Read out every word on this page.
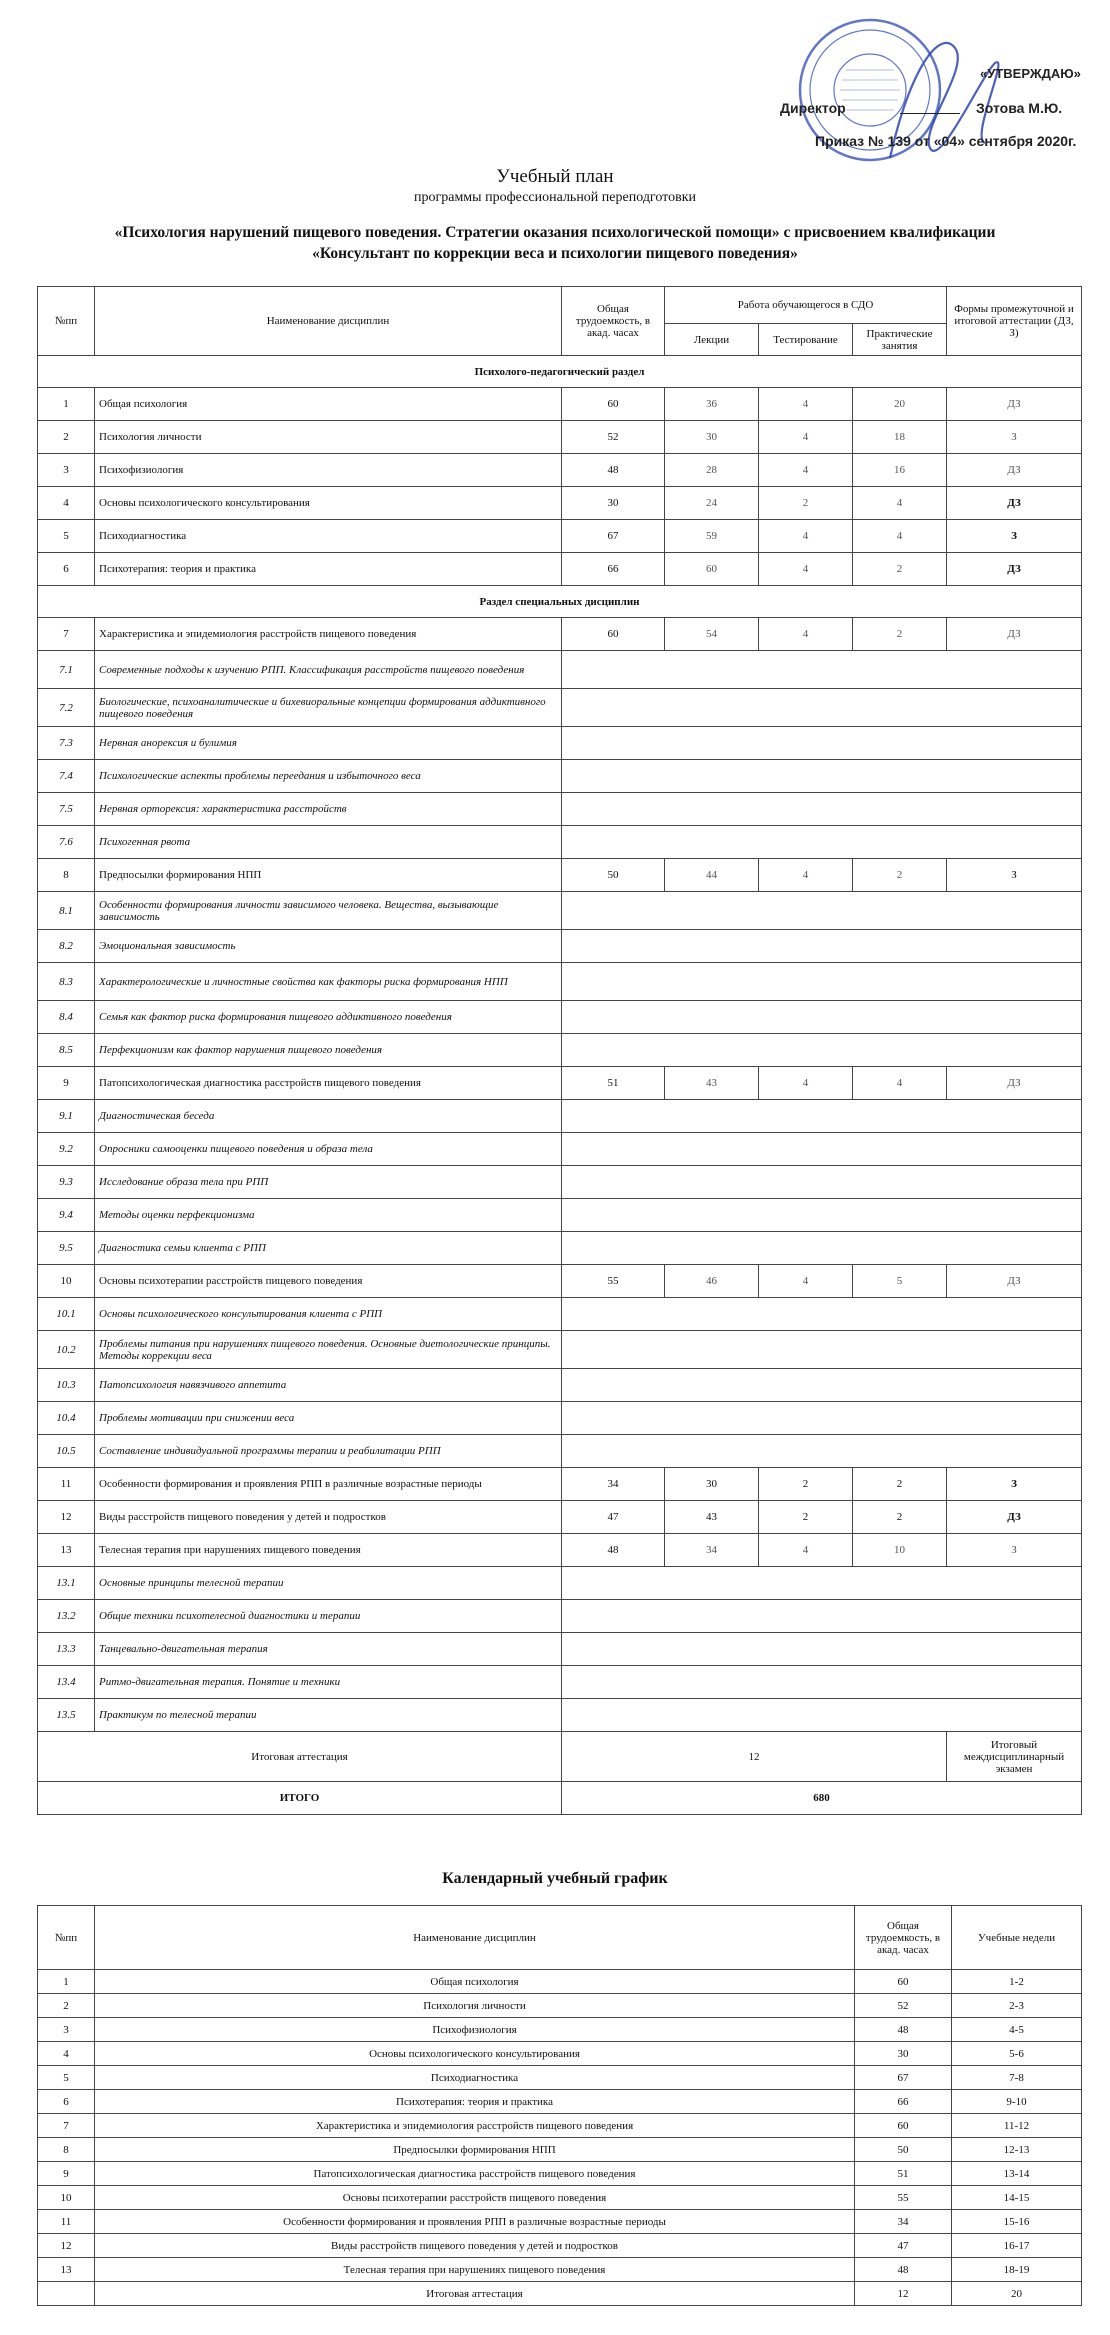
«УТВЕРЖДАЮ»
Директор	Зотова М.Ю.
Приказ № 139 от «04» сентября 2020г.
Учебный план
программы профессиональной переподготовки
«Психология нарушений пищевого поведения. Стратегии оказания психологической помощи» с присвоением квалификации
«Консультант по коррекции веса и психологии пищевого поведения»
№пп	Наименование дисциплин	Общая трудоемкость, в акад. часах	Работа обучающегося в СДО			Формы промежуточной и итоговой аттестации (ДЗ, З)
			Лекции	Тестирование	Практические занятия	
Психолого-педагогический раздел						
1	Общая психология	60	36	4	20	ДЗ
2	Психология личности	52	30	4	18	З
3	Психофизиология	48	28	4	16	ДЗ
4	Основы психологического консультирования	30	24	2	4	ДЗ
5	Психодиагностика	67	59	4	4	З
6	Психотерапия: теория и практика	66	60	4	2	ДЗ
Раздел специальных дисциплин						
7	Характеристика и эпидемиология расстройств пищевого поведения	60	54	4	2	ДЗ
7.1	Современные подходы к изучению РПП. Классификация расстройств пищевого поведения					
7.2	Биологические, психоаналитические и бихевиоральные концепции формирования аддиктивного пищевого поведения					
7.3	Нервная анорексия и булимия					
7.4	Психологические аспекты проблемы переедания и избыточного веса					
7.5	Нервная орторексия: характеристика расстройств					
7.6	Психогенная рвота					
8	Предпосылки формирования НПП	50	44	4	2	З
8.1	Особенности формирования личности зависимого человека. Вещества, вызывающие зависимость					
8.2	Эмоциональная зависимость					
8.3	Характерологические и личностные свойства как факторы риска формирования НПП					
8.4	Семья как фактор риска формирования пищевого аддиктивного поведения					
8.5	Перфекционизм как фактор нарушения пищевого поведения					
9	Патопсихологическая диагностика расстройств пищевого поведения	51	43	4	4	ДЗ
9.1	Диагностическая беседа					
9.2	Опросники самооценки пищевого поведения и образа тела					
9.3	Исследование образа тела при РПП					
9.4	Методы оценки перфекционизма					
9.5	Диагностика семьи клиента с РПП					
10	Основы психотерапии расстройств пищевого поведения	55	46	4	5	ДЗ
10.1	Основы психологического консультирования клиента с РПП					
10.2	Проблемы питания при нарушениях пищевого поведения. Основные диетологические принципы. Методы коррекции веса					
10.3	Патопсихология навязчивого аппетита					
10.4	Проблемы мотивации при снижении веса					
10.5	Составление индивидуальной программы терапии и реабилитации РПП					
11	Особенности формирования и проявления РПП в различные возрастные периоды	34	30	2	2	З
12	Виды расстройств пищевого поведения у детей и подростков	47	43	2	2	ДЗ
13	Телесная терапия при нарушениях пищевого поведения	48	34	4	10	З
13.1	Основные принципы телесной терапии					
13.2	Общие техники психотелесной диагностики и терапии					
13.3	Танцевально-двигательная терапия					
13.4	Ритмо-двигательная терапия. Понятие и техники					
13.5	Практикум по телесной терапии					
Итоговая аттестация		12				Итоговый междисциплинарный экзамен
ИТОГО		680				
Календарный учебный график
№пп	Наименование дисциплин	Общая трудоемкость, в акад. часах	Учебные недели
1	Общая психология	60	1-2
2	Психология личности	52	2-3
3	Психофизиология	48	4-5
4	Основы психологического консультирования	30	5-6
5	Психодиагностика	67	7-8
6	Психотерапия: теория и практика	66	9-10
7	Характеристика и эпидемиология расстройств пищевого поведения	60	11-12
8	Предпосылки формирования НПП	50	12-13
9	Патопсихологическая диагностика расстройств пищевого поведения	51	13-14
10	Основы психотерапии расстройств пищевого поведения	55	14-15
11	Особенности формирования и проявления РПП в различные возрастные периоды	34	15-16
12	Виды расстройств пищевого поведения у детей и подростков	47	16-17
13	Телесная терапия при нарушениях пищевого поведения	48	18-19
	Итоговая аттестация	12	20
